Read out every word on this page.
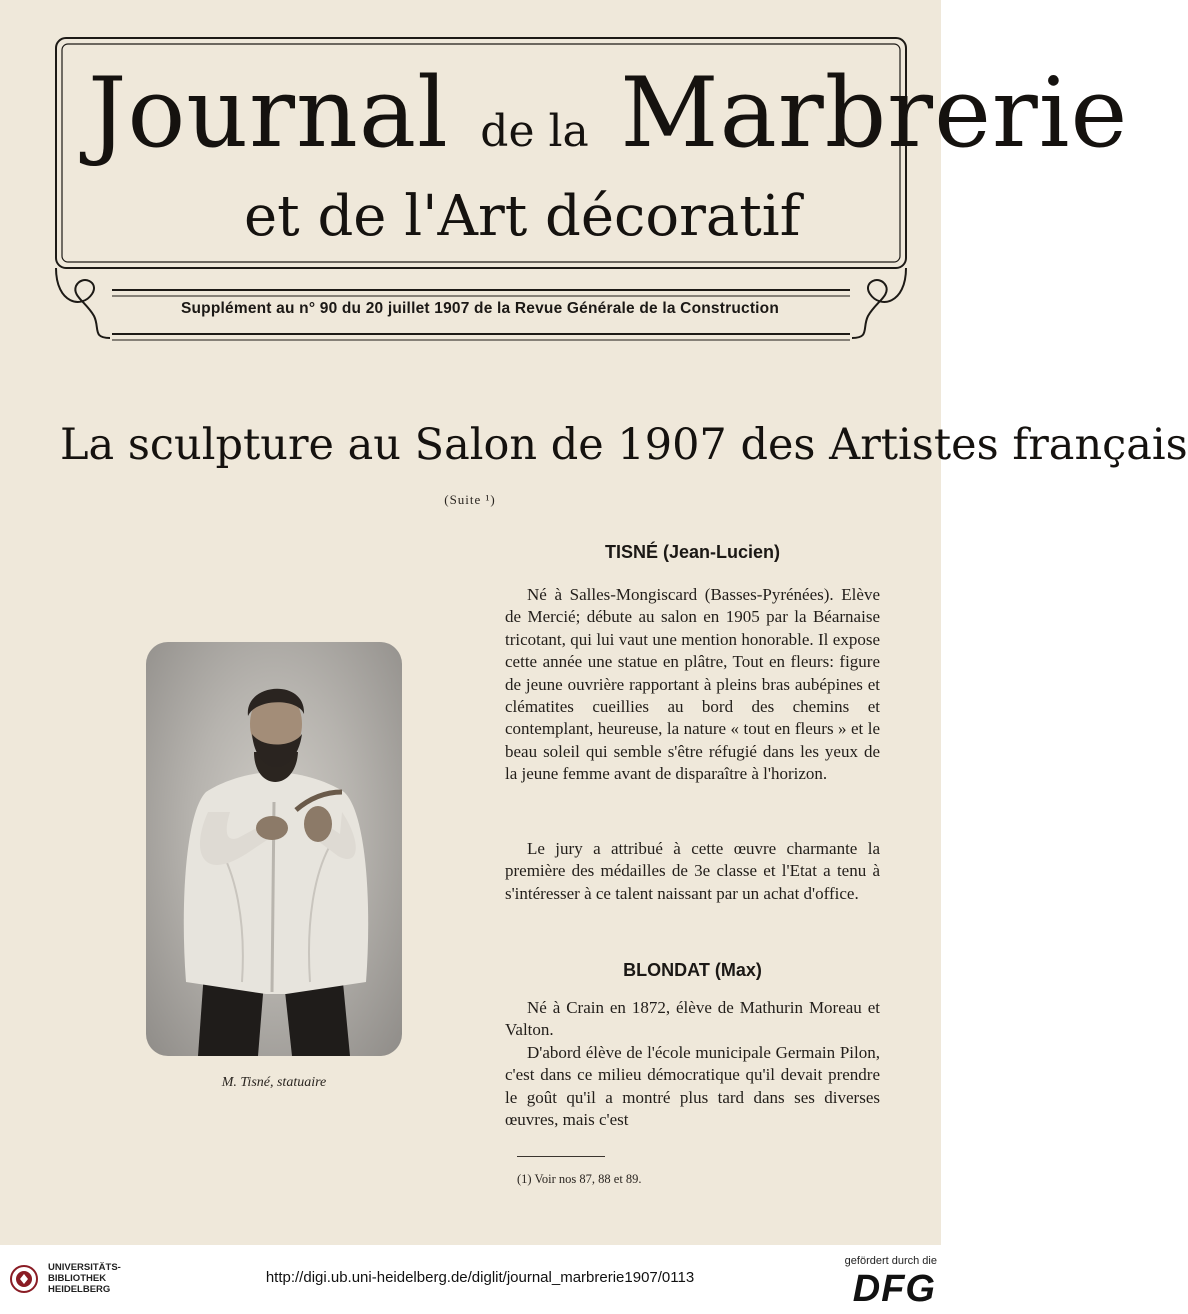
Journal de la Marbrerie
et de l'Art décoratif
Supplément au n° 90 du 20 juillet 1907 de la Revue Générale de la Construction
La sculpture au Salon de 1907 des Artistes français
(Suite ¹)
M. Tisné, statuaire
TISNÉ (Jean-Lucien)

Né à Salles-Mongiscard (Basses-Pyrénées). Elève de Mercié; débute au salon en 1905 par la Béarnaise tricotant, qui lui vaut une mention honorable. Il expose cette année une statue en plâtre, Tout en fleurs: figure de jeune ouvrière rapportant à pleins bras aubépines et clématites cueillies au bord des chemins et contemplant, heureuse, la nature « tout en fleurs » et le beau soleil qui semble s'être réfugié dans les yeux de la jeune femme avant de disparaître à l'horizon.

Le jury a attribué à cette œuvre charmante la première des médailles de 3e classe et l'Etat a tenu à s'intéresser à ce talent naissant par un achat d'office.

BLONDAT (Max)

Né à Crain en 1872, élève de Mathurin Moreau et Valton.

D'abord élève de l'école municipale Germain Pilon, c'est dans ce milieu démocratique qu'il devait prendre le goût qu'il a montré plus tard dans ses diverses œuvres, mais c'est

(1) Voir nos 87, 88 et 89.
UNIVERSITÄTS-
BIBLIOTHEK
HEIDELBERG
http://digi.ub.uni-heidelberg.de/diglit/journal_marbrerie1907/0113
gefördert durch die
DFG
